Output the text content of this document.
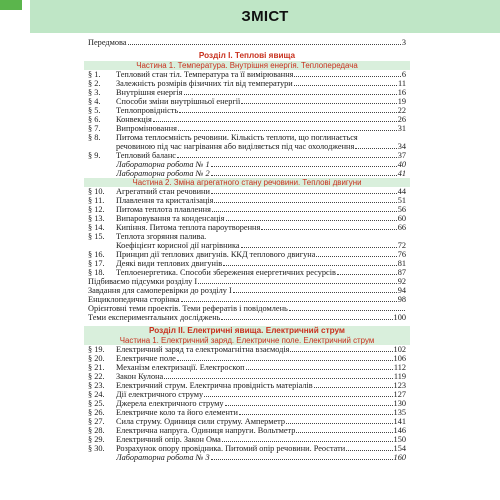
ЗМІСТ
Передмова	3
Розділ І. Теплові явища
Частина 1. Температура. Внутрішня енергія. Теплопередача
§ 1.	Тепловий стан тіл. Температура та її вимірювання	6
§ 2.	Залежність розмірів фізичних тіл від температури	11
§ 3.	Внутрішня енергія	16
§ 4.	Способи зміни внутрішньої енергії	19
§ 5.	Теплопровідність	22
§ 6.	Конвекція	26
§ 7.	Випромінювання	31
§ 8.	Питома теплоємність речовини. Кількість теплоти, що поглинається
речовиною під час нагрівання або виділяється під час охолодження	34
§ 9.	Тепловий баланс	37
Лабораторна робота № 1	40
Лабораторна робота № 2	41
Частина 2. Зміна агрегатного стану речовини. Теплові двигуни
§ 10.	Агрегатний стан речовини	44
§ 11.	Плавлення та кристалізація	51
§ 12.	Питома теплота плавлення	56
§ 13.	Випаровування та конденсація	60
§ 14.	Кипіння. Питома теплота пароутворення	66
§ 15.	Теплота згоряння палива.
Коефіцієнт корисної дії нагрівника	72
§ 16.	Принцип дії теплових двигунів. ККД теплового двигуна	76
§ 17.	Деякі види теплових двигунів	81
§ 18.	Теплоенергетика. Способи збереження енергетичних ресурсів	87
Підбиваємо підсумки розділу І	92
Завдання для самоперевірки до розділу І	94
Енциклопедична сторінка	98
Орієнтовні теми проектів. Теми рефератів і повідомлень
Теми експериментальних досліджень	100
Розділ ІІ. Електричні явища. Електричний струм
Частина 1. Електричний заряд. Електричне поле. Електричний струм
§ 19.	Електричний заряд та електромагнітна взаємодія	102
§ 20.	Електричне поле	106
§ 21.	Механізм електризації. Електроскоп	112
§ 22.	Закон Кулона	119
§ 23.	Електричний струм. Електрична провідність матеріалів	123
§ 24.	Дії електричного струму	127
§ 25.	Джерела електричного струму	130
§ 26.	Електричне коло та його елементи	135
§ 27.	Сила струму. Одиниця сили струму. Амперметр	141
§ 28.	Електрична напруга. Одиниця напруги. Вольтметр	146
§ 29.	Електричний опір. Закон Ома	150
§ 30.	Розрахунок опору провідника. Питомий опір речовини. Реостати	154
Лабораторна робота № 3	160
